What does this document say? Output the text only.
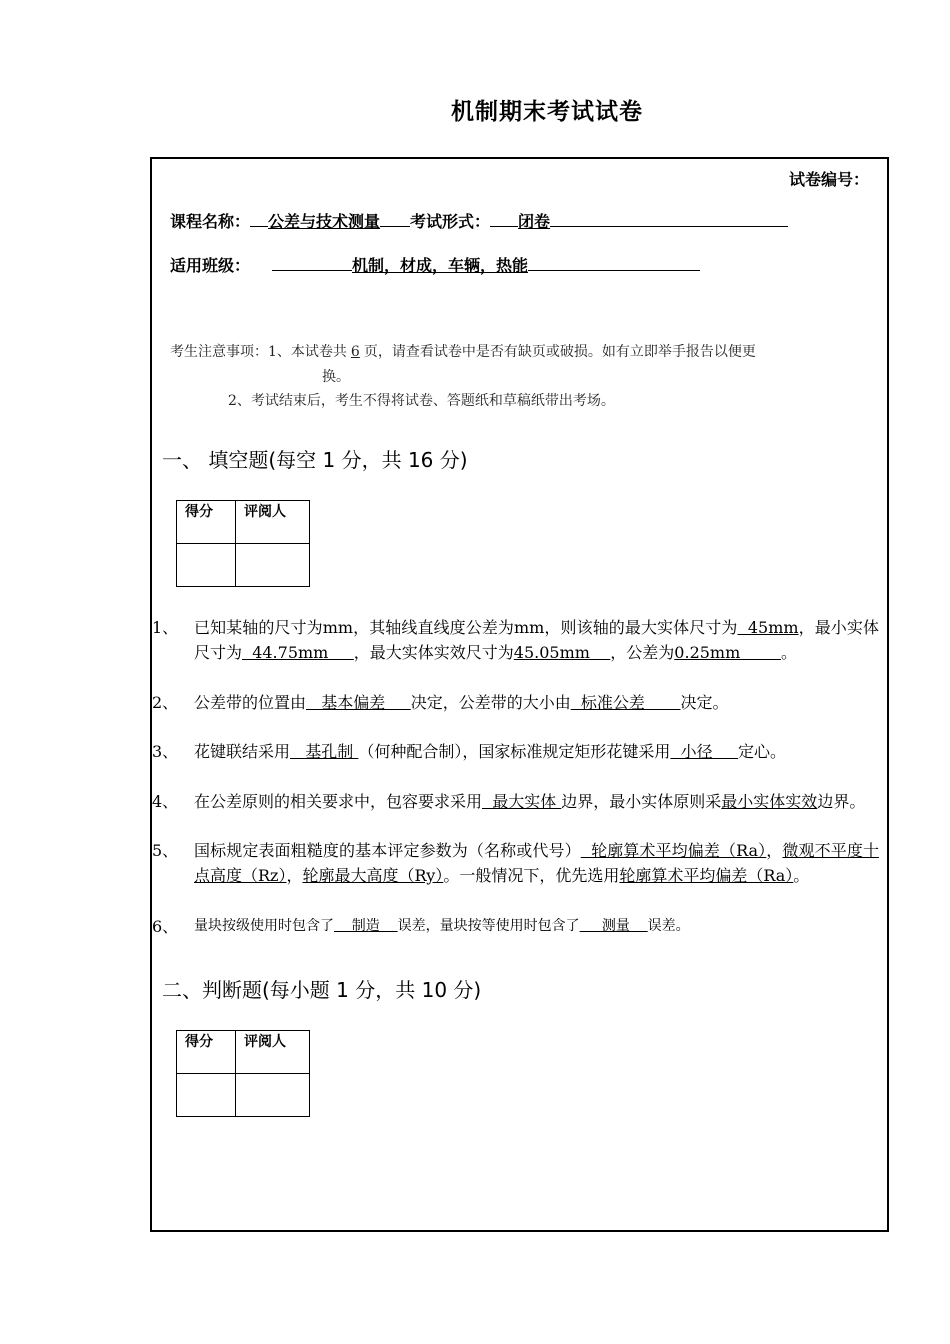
机制期末考试试卷
试卷编号：
课程名称： 公差与技术测量 考试形式： 闭卷
适用班级：	机制，材成，车辆，热能
考生注意事项：1、本试卷共 6 页，请查看试卷中是否有缺页或破损。如有立即举手报告以便更
换。
2、考试结束后，考生不得将试卷、答题纸和草稿纸带出考场。
一、 填空题(每空 1 分，共 16 分)
得分	评阅人

1、 已知某轴的尺寸为mm，其轴线直线度公差为mm，则该轴的最大实体尺寸为  45mm，最小实体尺寸为  44.75mm     ，最大实体实效尺寸为45.05mm    ，公差为0.25mm        。
2、 公差带的位置由   基本偏差     决定，公差带的大小由  标准公差       决定。
3、 花键联结采用   基孔制 （何种配合制），国家标准规定矩形花键采用  小径     定心。
4、 在公差原则的相关要求中，包容要求采用  最大实体 边界，最小实体原则采最小实体实效边界。
5、 国标规定表面粗糙度的基本评定参数为（名称或代号）  轮廓算术平均偏差（Ra），微观不平度十点高度（Rz），轮廓最大高度（Ry）。一般情况下，优先选用轮廓算术平均偏差（Ra）。
6、 量块按级使用时包含了    制造    误差，量块按等使用时包含了     测量    误差。
二、判断题(每小题 1 分，共 10 分)
得分	评阅人
